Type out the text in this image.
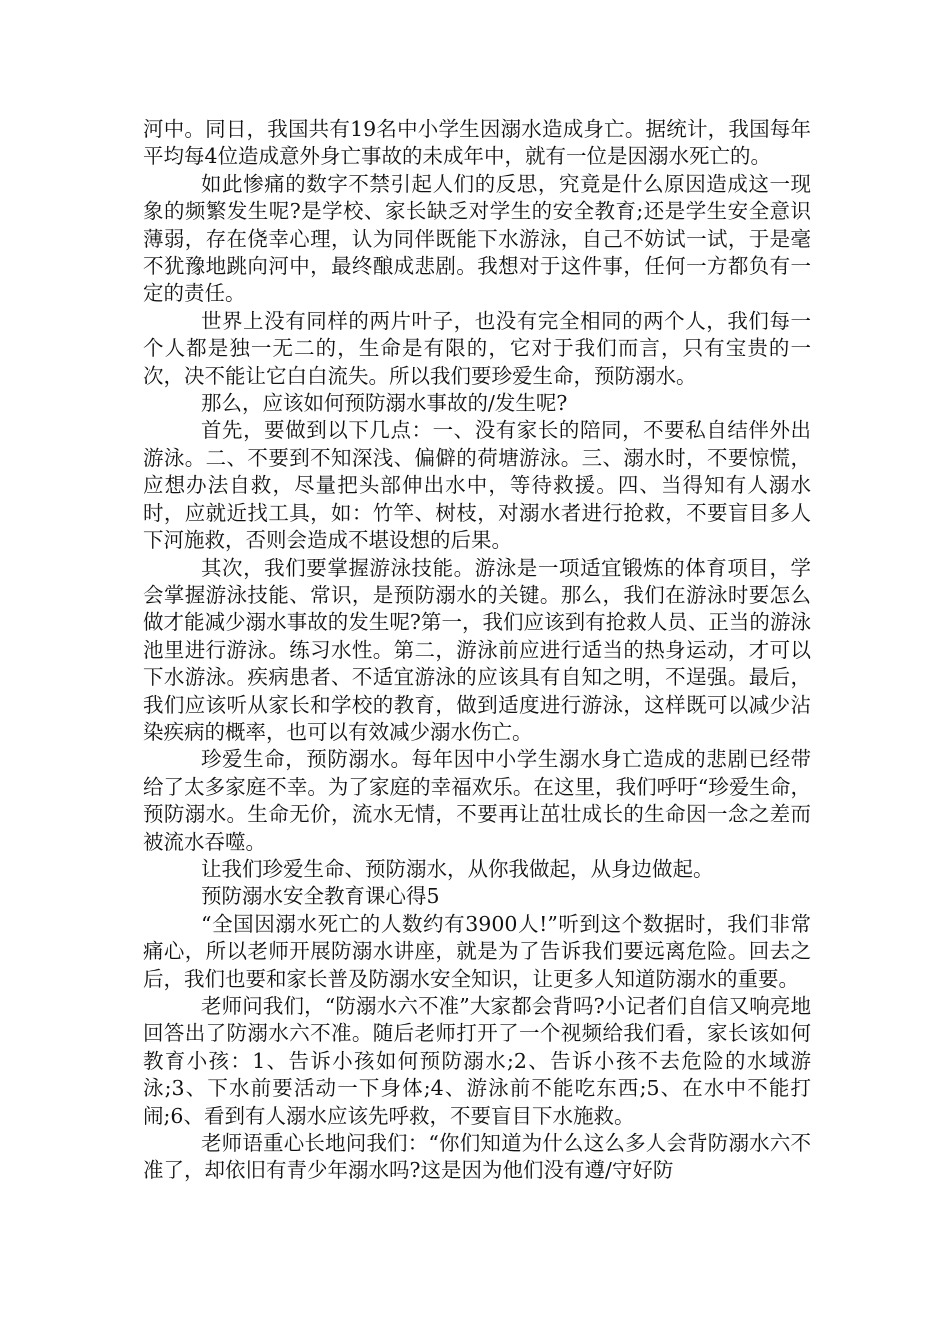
河中。同日，我国共有19名中小学生因溺水造成身亡。据统计，我国每年平均每4位造成意外身亡事故的未成年中，就有一位是因溺水死亡的。

如此惨痛的数字不禁引起人们的反思，究竟是什么原因造成这一现象的频繁发生呢?是学校、家长缺乏对学生的安全教育;还是学生安全意识薄弱，存在侥幸心理，认为同伴既能下水游泳，自己不妨试一试，于是毫不犹豫地跳向河中，最终酿成悲剧。我想对于这件事，任何一方都负有一定的责任。

世界上没有同样的两片叶子，也没有完全相同的两个人，我们每一个人都是独一无二的，生命是有限的，它对于我们而言，只有宝贵的一次，决不能让它白白流失。所以我们要珍爱生命，预防溺水。

那么，应该如何预防溺水事故的/发生呢?

首先，要做到以下几点：一、没有家长的陪同，不要私自结伴外出游泳。二、不要到不知深浅、偏僻的荷塘游泳。三、溺水时，不要惊慌，应想办法自救，尽量把头部伸出水中，等待救援。四、当得知有人溺水时，应就近找工具，如：竹竿、树枝，对溺水者进行抢救，不要盲目多人下河施救，否则会造成不堪设想的后果。

其次，我们要掌握游泳技能。游泳是一项适宜锻炼的体育项目，学会掌握游泳技能、常识，是预防溺水的关键。那么，我们在游泳时要怎么做才能减少溺水事故的发生呢?第一，我们应该到有抢救人员、正当的游泳池里进行游泳。练习水性。第二，游泳前应进行适当的热身运动，才可以下水游泳。疾病患者、不适宜游泳的应该具有自知之明，不逞强。最后，我们应该听从家长和学校的教育，做到适度进行游泳，这样既可以减少沾染疾病的概率，也可以有效减少溺水伤亡。

珍爱生命，预防溺水。每年因中小学生溺水身亡造成的悲剧已经带给了太多家庭不幸。为了家庭的幸福欢乐。在这里，我们呼吁“珍爱生命，预防溺水。生命无价，流水无情，不要再让茁壮成长的生命因一念之差而被流水吞噬。

让我们珍爱生命、预防溺水，从你我做起，从身边做起。

预防溺水安全教育课心得5

“全国因溺水死亡的人数约有3900人!”听到这个数据时，我们非常痛心，所以老师开展防溺水讲座，就是为了告诉我们要远离危险。回去之后，我们也要和家长普及防溺水安全知识，让更多人知道防溺水的重要。

老师问我们，“防溺水六不准”大家都会背吗?小记者们自信又响亮地回答出了防溺水六不准。随后老师打开了一个视频给我们看，家长该如何教育小孩：1、告诉小孩如何预防溺水;2、告诉小孩不去危险的水域游泳;3、下水前要活动一下身体;4、游泳前不能吃东西;5、在水中不能打闹;6、看到有人溺水应该先呼救，不要盲目下水施救。

老师语重心长地问我们：“你们知道为什么这么多人会背防溺水六不准了，却依旧有青少年溺水吗?这是因为他们没有遵/守好防
